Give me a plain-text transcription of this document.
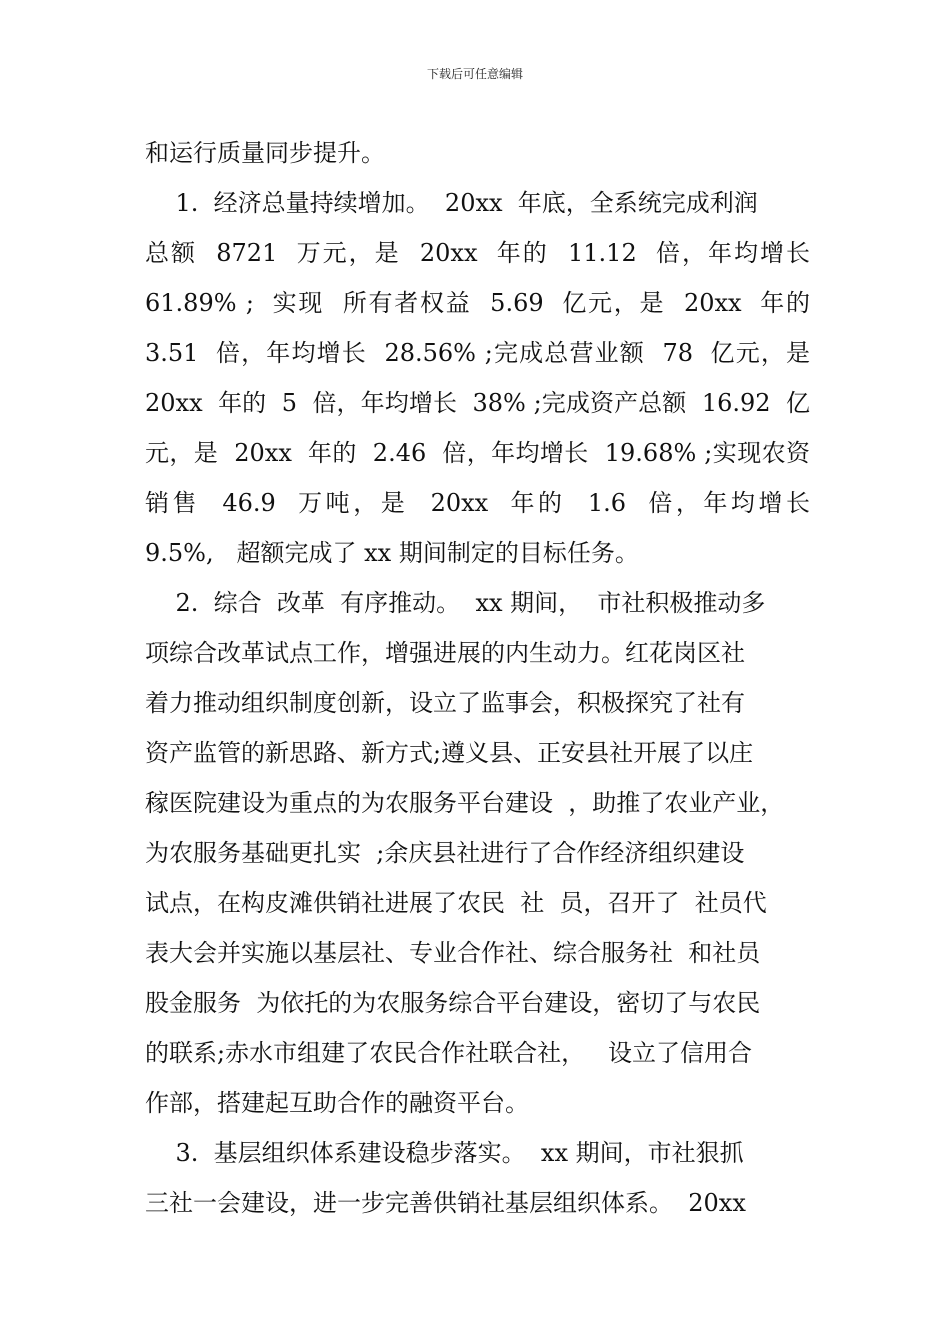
下载后可任意编辑
和运行质量同步提升。
1.  经济总量持续增加。  20xx  年底，全系统完成利润
总额  8721  万元，是  20xx  年的  11.12  倍，年均增长
61.89% ;  实现  所有者权益  5.69  亿元，是  20xx  年的
3.51  倍，年均增长  28.56% ;完成总营业额  78  亿元，是
20xx  年的  5  倍，年均增长  38% ;完成资产总额  16.92  亿
元，是  20xx  年的  2.46  倍，年均增长  19.68% ;实现农资
销售  46.9  万吨，是  20xx  年的  1.6  倍，年均增长
9.5%,   超额完成了 xx 期间制定的目标任务。
2.  综合  改革  有序推动。  xx 期间，  市社积极推动多
项综合改革试点工作，增强进展的内生动力。红花岗区社
着力推动组织制度创新，设立了监事会，积极探究了社有
资产监管的新思路、新方式;遵义县、正安县社开展了以庄
稼医院建设为重点的为农服务平台建设  ，助推了农业产业，
为农服务基础更扎实  ;余庆县社进行了合作经济组织建设
试点，在构皮滩供销社进展了农民  社  员，召开了  社员代
表大会并实施以基层社、专业合作社、综合服务社  和社员
股金服务  为依托的为农服务综合平台建设，密切了与农民
的联系;赤水市组建了农民合作社联合社，   设立了信用合
作部，搭建起互助合作的融资平台。
3.  基层组织体系建设稳步落实。  xx 期间，市社狠抓
三社一会建设，进一步完善供销社基层组织体系。  20xx
